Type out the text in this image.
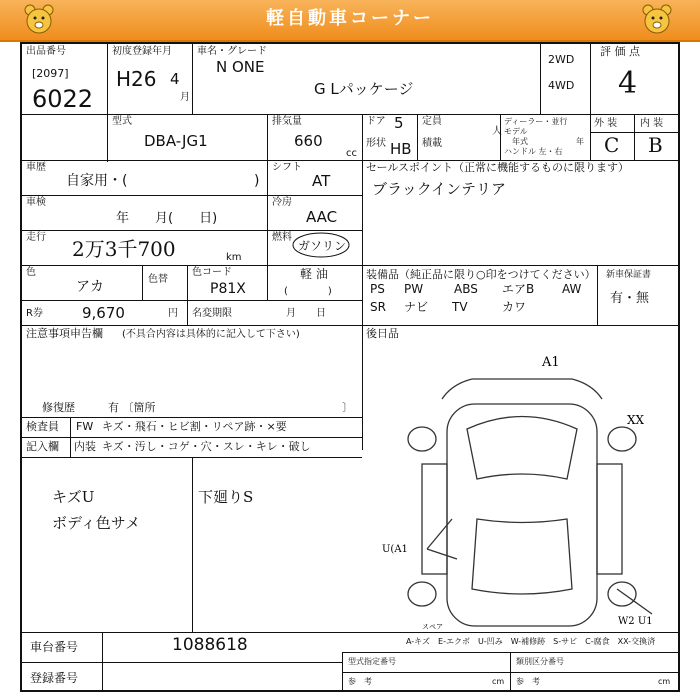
軽自動車コーナー
出品番号
[2097]
6022
初度登録年月
H26 4
月
車名・グレード
N ONE
G Lパッケージ
2WD
4WD
評 価 点
4
外 装 内 装
C B
型式
DBA-JG1
排気量
660
cc
ドア 5
形状 HB
定員
人
積載
ディーラー・並行
モデル
年式	年
ハンドル 左・右
車歴
自家用・(	)
シフト
AT
車検
年　　月(　　日)
冷房
AAC
走行 2万3千700	km
燃料
ガソリン
軽 油
(　　　　)
色
アカ	色替
色コード
P81X
R券	9,670	円 名変期限	月　　日
セールスポイント（正常に機能するものに限ります）
ブラックインテリア
装備品（純正品に限り○印をつけてください） 新車保証書
有・無
PS PW	ABS エアB AW
SR ナビ TV	カワ
後日品
注意事項申告欄 (不具合内容は具体的に記入して下さい)
修復歴	有 〔箇所	〕
検査員
記入欄
FW キズ・飛石・ヒビ割・リペア跡・×要
内装 キズ・汚し・コゲ・穴・スレ・キレ・破し
キズU
ボディ色サメ
下廻りS
A1
XX
U(A1
W2 U1
スペア
A-キズ　E-エクボ　U-凹み　W-補修跡　S-サビ　C-腐食　XX-交換済
車台番号	1088618
登録番号
型式指定番号	類別区分番号
参　考	cm 参　考	cm
